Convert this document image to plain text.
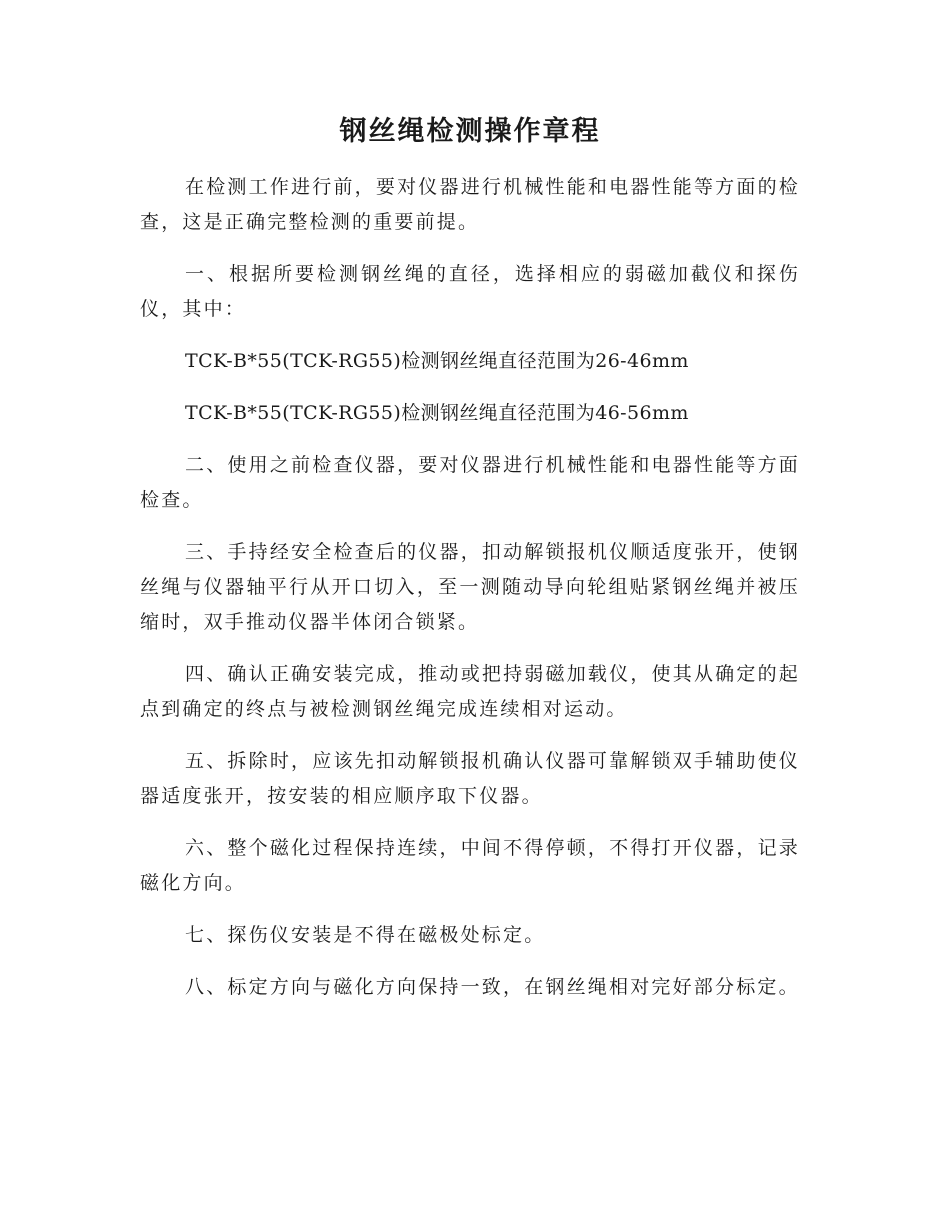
钢丝绳检测操作章程

在检测工作进行前，要对仪器进行机械性能和电器性能等方面的检查，这是正确完整检测的重要前提。

一、根据所要检测钢丝绳的直径，选择相应的弱磁加截仪和探伤仪，其中：

TCK-B*55(TCK-RG55)检测钢丝绳直径范围为26-46mm

TCK-B*55(TCK-RG55)检测钢丝绳直径范围为46-56mm

二、使用之前检查仪器，要对仪器进行机械性能和电器性能等方面检查。

三、手持经安全检查后的仪器，扣动解锁报机仪顺适度张开，使钢丝绳与仪器轴平行从开口切入，至一测随动导向轮组贴紧钢丝绳并被压缩时，双手推动仪器半体闭合锁紧。

四、确认正确安装完成，推动或把持弱磁加载仪，使其从确定的起点到确定的终点与被检测钢丝绳完成连续相对运动。

五、拆除时，应该先扣动解锁报机确认仪器可靠解锁双手辅助使仪器适度张开，按安装的相应顺序取下仪器。

六、整个磁化过程保持连续，中间不得停顿，不得打开仪器，记录磁化方向。

七、探伤仪安装是不得在磁极处标定。

八、标定方向与磁化方向保持一致，在钢丝绳相对完好部分标定。
